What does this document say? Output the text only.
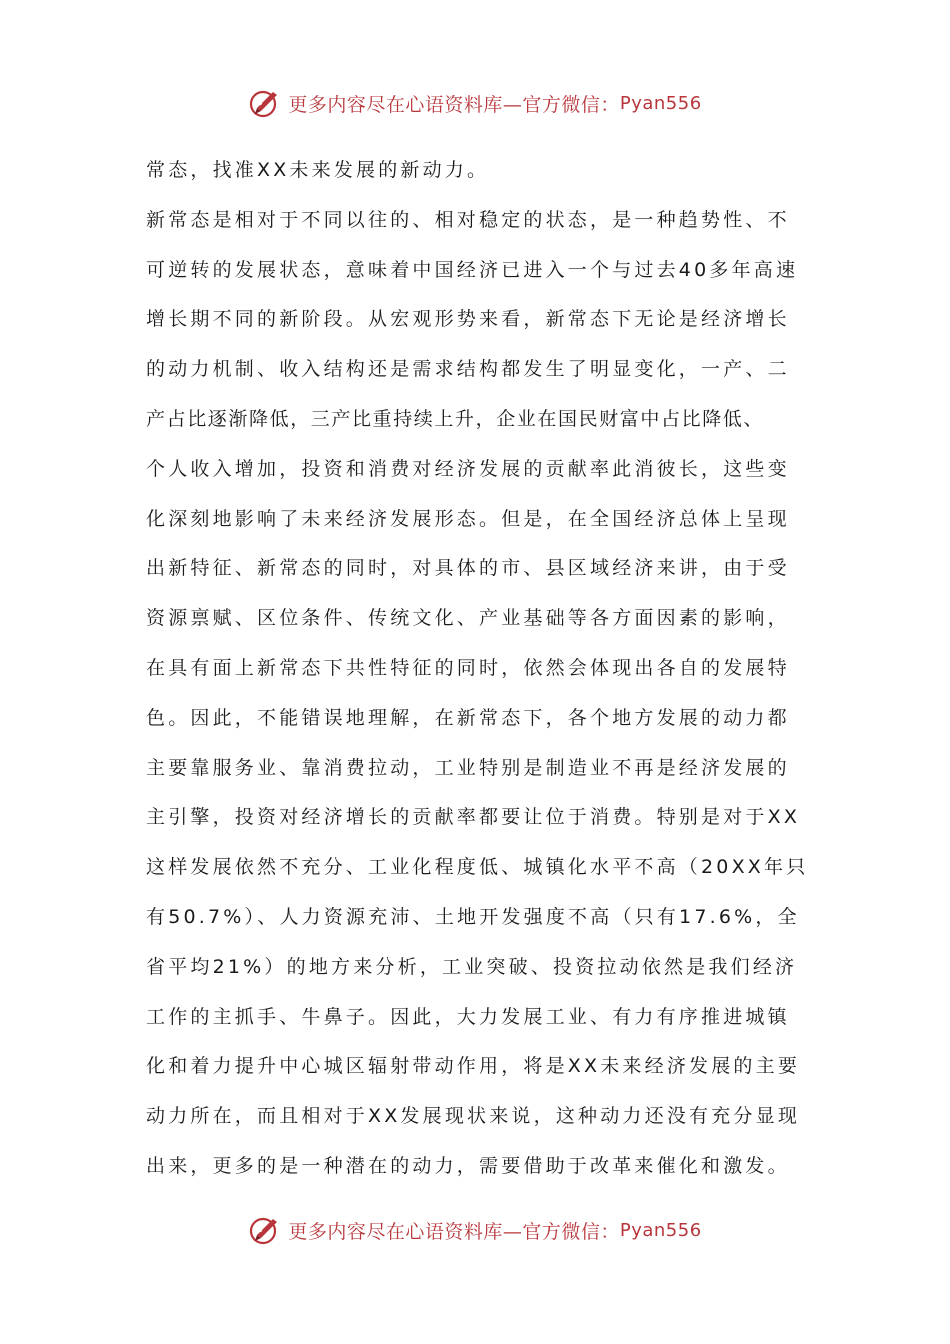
更多内容尽在心语资料库—官方微信： Pyan556
常态，找准XX未来发展的新动力。
新常态是相对于不同以往的、相对稳定的状态，是一种趋势性、不
可逆转的发展状态，意味着中国经济已进入一个与过去40多年高速
增长期不同的新阶段。从宏观形势来看，新常态下无论是经济增长
的动力机制、收入结构还是需求结构都发生了明显变化，一产、二
产占比逐渐降低，三产比重持续上升，企业在国民财富中占比降低、
个人收入增加，投资和消费对经济发展的贡献率此消彼长，这些变
化深刻地影响了未来经济发展形态。但是，在全国经济总体上呈现
出新特征、新常态的同时，对具体的市、县区域经济来讲，由于受
资源禀赋、区位条件、传统文化、产业基础等各方面因素的影响，
在具有面上新常态下共性特征的同时，依然会体现出各自的发展特
色。因此，不能错误地理解，在新常态下，各个地方发展的动力都
主要靠服务业、靠消费拉动，工业特别是制造业不再是经济发展的
主引擎，投资对经济增长的贡献率都要让位于消费。特别是对于XX
这样发展依然不充分、工业化程度低、城镇化水平不高（20XX年只
有50.7%）、人力资源充沛、土地开发强度不高（只有17.6%，全
省平均21%）的地方来分析，工业突破、投资拉动依然是我们经济
工作的主抓手、牛鼻子。因此，大力发展工业、有力有序推进城镇
化和着力提升中心城区辐射带动作用，将是XX未来经济发展的主要
动力所在，而且相对于XX发展现状来说，这种动力还没有充分显现
出来，更多的是一种潜在的动力，需要借助于改革来催化和激发。
更多内容尽在心语资料库—官方微信： Pyan556
